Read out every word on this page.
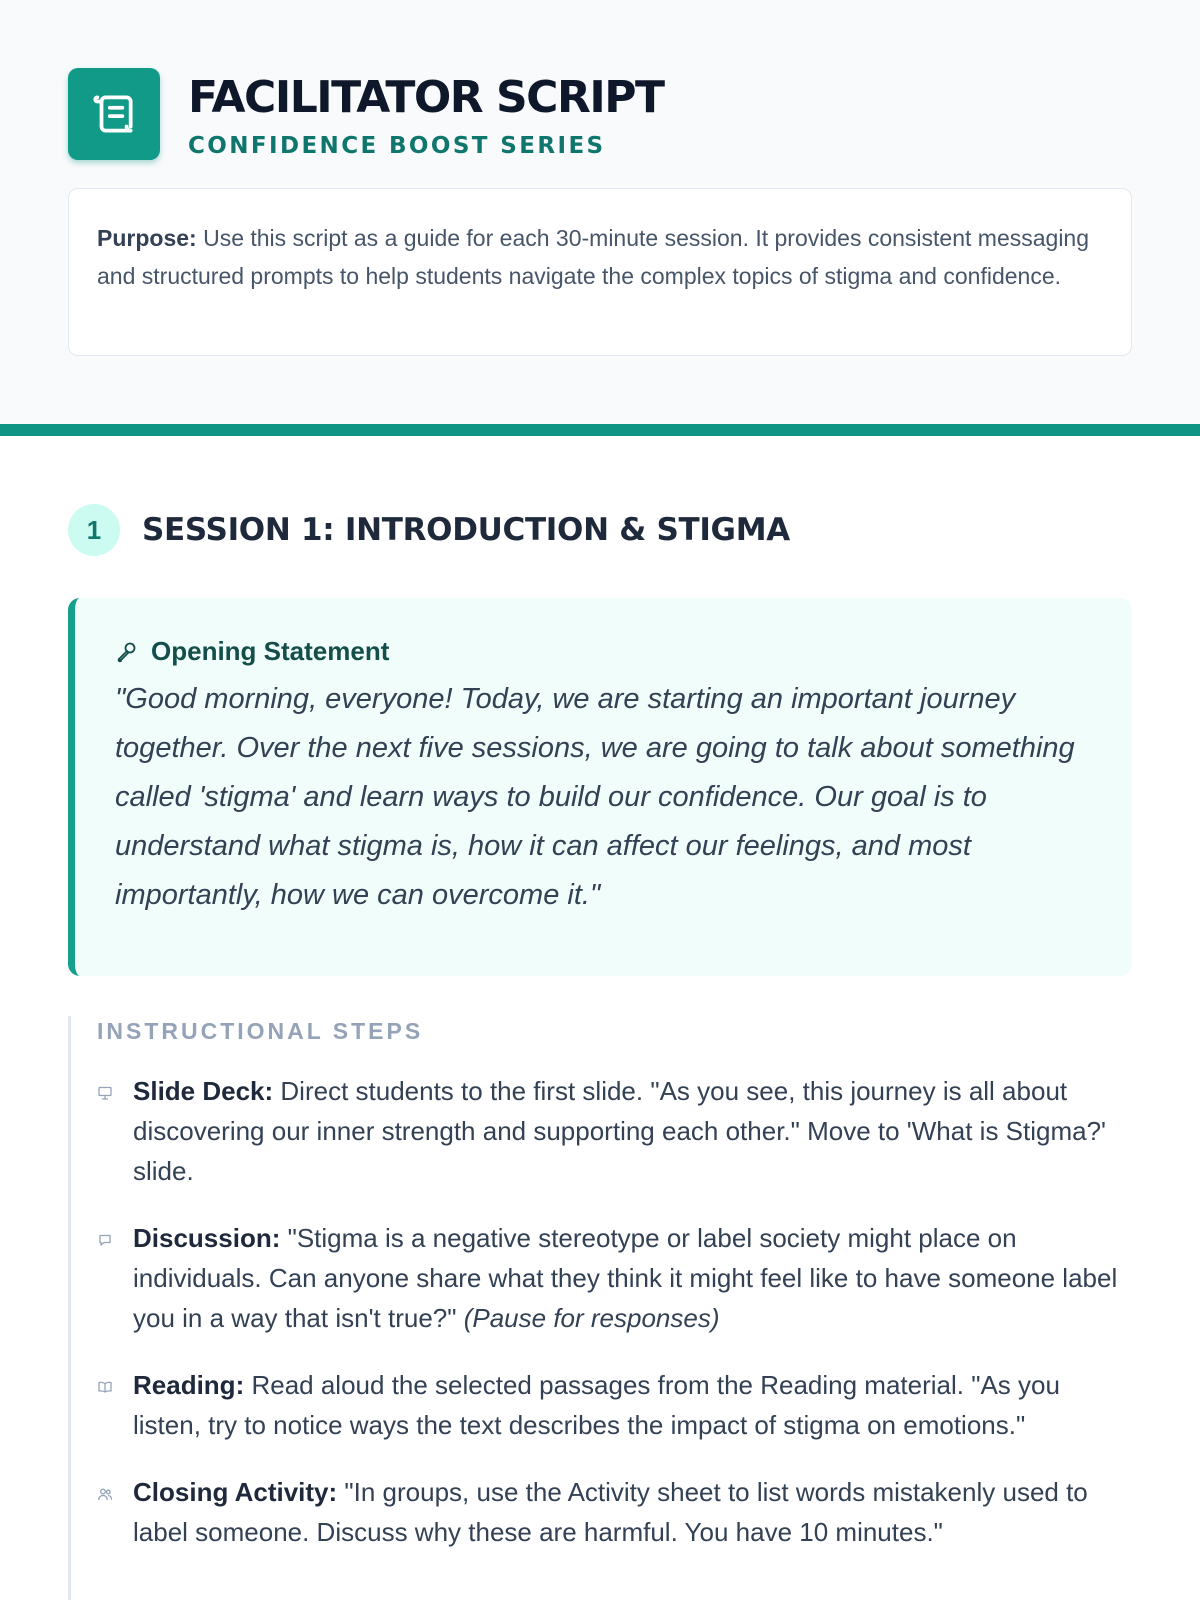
FACILITATOR SCRIPT
CONFIDENCE BOOST SERIES
Purpose: Use this script as a guide for each 30-minute session. It provides consistent messaging and structured prompts to help students navigate the complex topics of stigma and confidence.
1	SESSION 1: INTRODUCTION & STIGMA
Opening Statement
"Good morning, everyone! Today, we are starting an important journey together. Over the next five sessions, we are going to talk about something called 'stigma' and learn ways to build our confidence. Our goal is to understand what stigma is, how it can affect our feelings, and most importantly, how we can overcome it."
INSTRUCTIONAL STEPS
Slide Deck: Direct students to the first slide. "As you see, this journey is all about discovering our inner strength and supporting each other." Move to 'What is Stigma?' slide.
Discussion: "Stigma is a negative stereotype or label society might place on individuals. Can anyone share what they think it might feel like to have someone label you in a way that isn't true?" (Pause for responses)
Reading: Read aloud the selected passages from the Reading material. "As you listen, try to notice ways the text describes the impact of stigma on emotions."
Closing Activity: "In groups, use the Activity sheet to list words mistakenly used to label someone. Discuss why these are harmful. You have 10 minutes."
